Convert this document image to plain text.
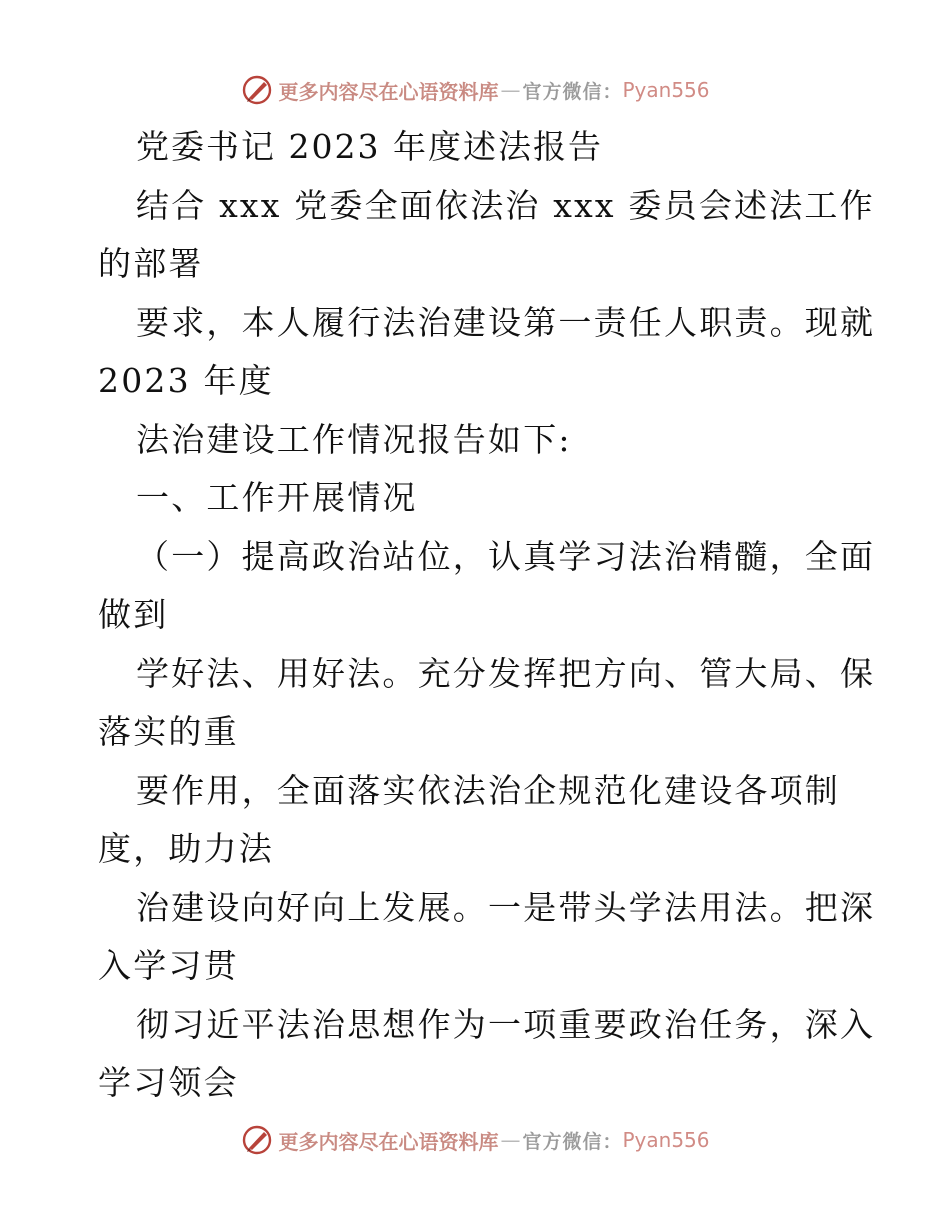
更多内容尽在心语资料库 — 官方微信： Pyan556
党委书记 2023 年度述法报告
结合 xxx 党委全面依法治 xxx 委员会述法工作
的部署
要求，本人履行法治建设第一责任人职责。现就
2023 年度
法治建设工作情况报告如下:
一、工作开展情况
（一）提高政治站位，认真学习法治精髓，全面
做到
学好法、用好法。充分发挥把方向、管大局、保
落实的重
要作用，全面落实依法治企规范化建设各项制
度，助力法
治建设向好向上发展。一是带头学法用法。把深
入学习贯
彻习近平法治思想作为一项重要政治任务，深入
学习领会
更多内容尽在心语资料库 — 官方微信： Pyan556
